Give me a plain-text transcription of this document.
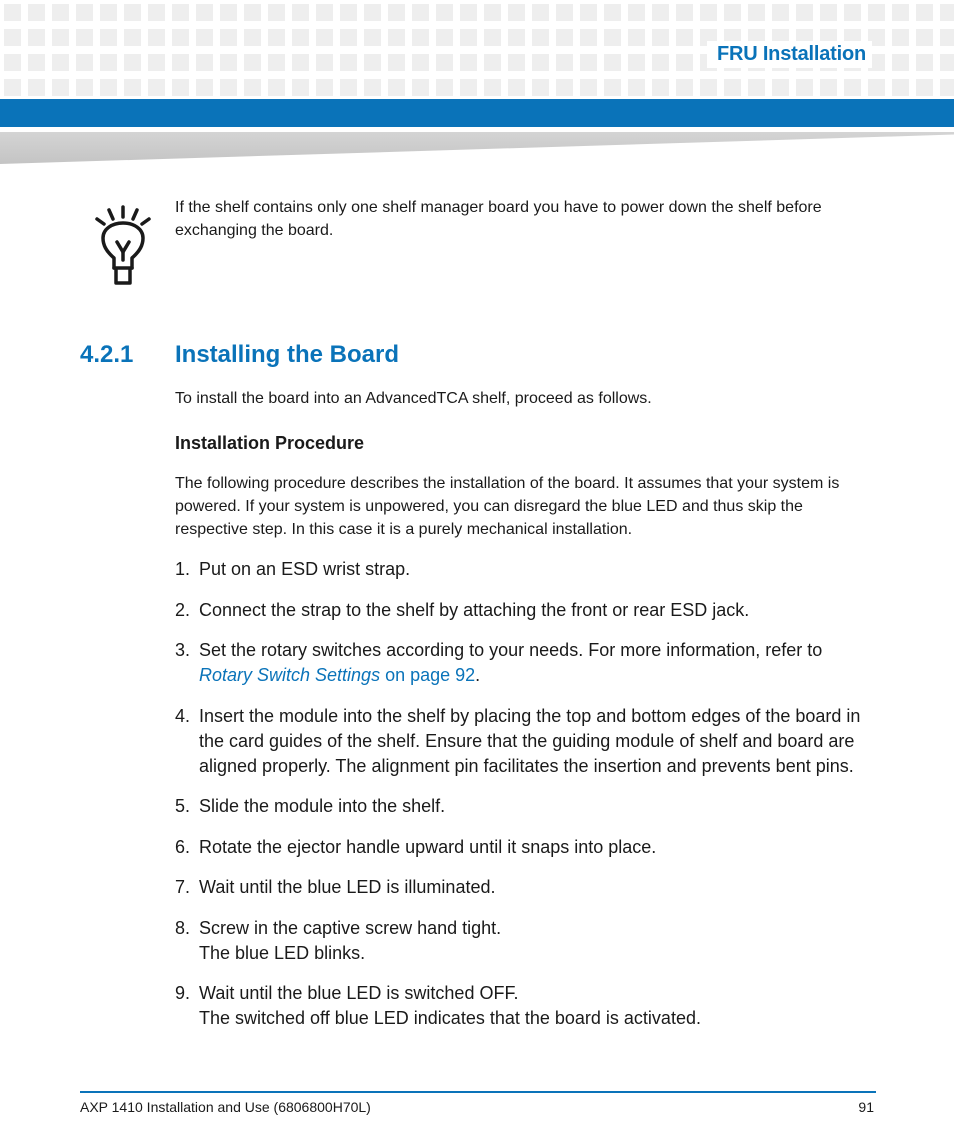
FRU Installation
If the shelf contains only one shelf manager board you have to power down the shelf before exchanging the board.
4.2.1 Installing the Board
To install the board into an AdvancedTCA shelf, proceed as follows.
Installation Procedure
The following procedure describes the installation of the board. It assumes that your system is powered. If your system is unpowered, you can disregard the blue LED and thus skip the respective step. In this case it is a purely mechanical installation.
1. Put on an ESD wrist strap.
2. Connect the strap to the shelf by attaching the front or rear ESD jack.
3. Set the rotary switches according to your needs. For more information, refer to Rotary Switch Settings on page 92.
4. Insert the module into the shelf by placing the top and bottom edges of the board in the card guides of the shelf. Ensure that the guiding module of shelf and board are aligned properly. The alignment pin facilitates the insertion and prevents bent pins.
5. Slide the module into the shelf.
6. Rotate the ejector handle upward until it snaps into place.
7. Wait until the blue LED is illuminated.
8. Screw in the captive screw hand tight.
The blue LED blinks.
9. Wait until the blue LED is switched OFF.
The switched off blue LED indicates that the board is activated.
AXP 1410 Installation and Use (6806800H70L)	91
